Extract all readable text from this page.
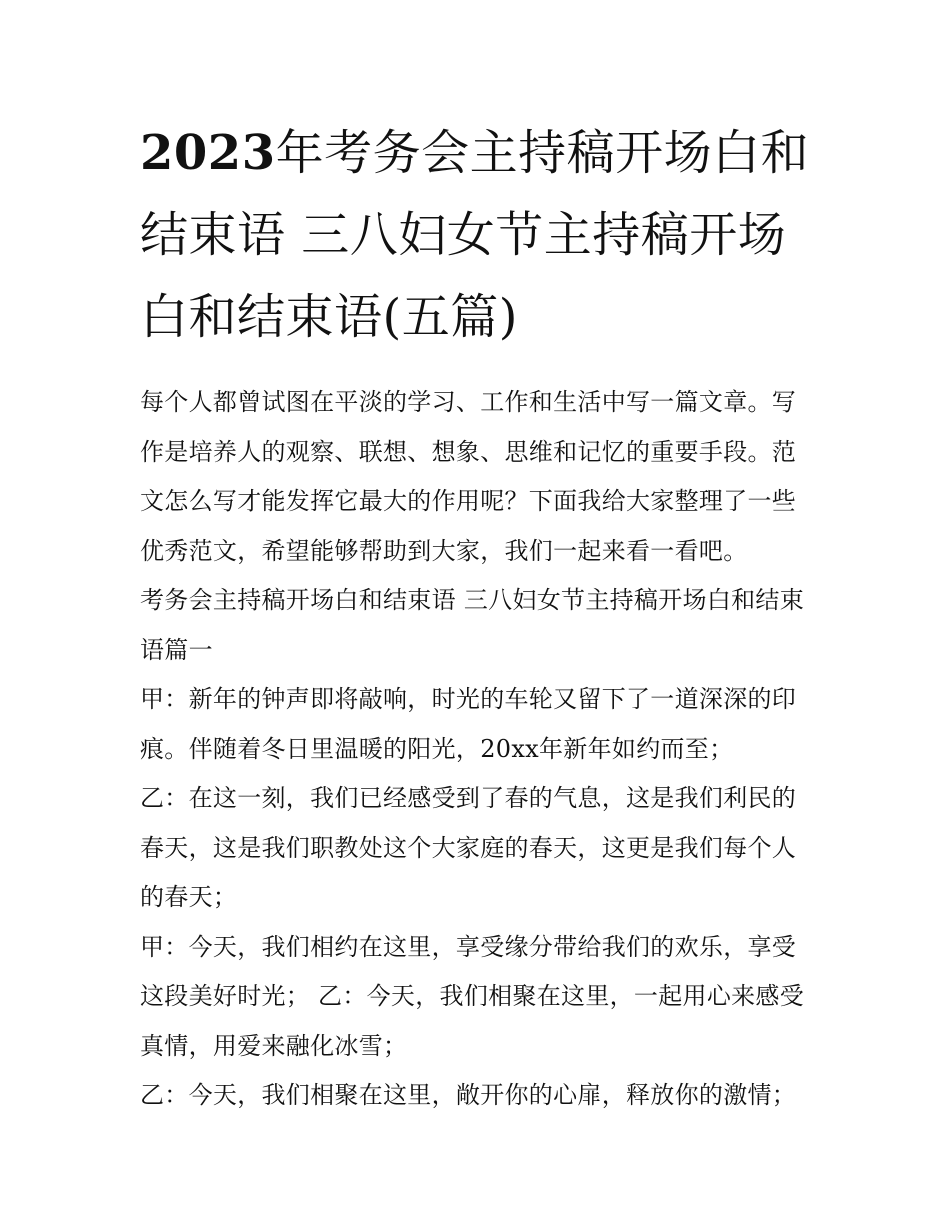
2023年考务会主持稿开场白和结束语 三八妇女节主持稿开场白和结束语(五篇)

每个人都曾试图在平淡的学习、工作和生活中写一篇文章。写作是培养人的观察、联想、想象、思维和记忆的重要手段。范文怎么写才能发挥它最大的作用呢？下面我给大家整理了一些优秀范文，希望能够帮助到大家，我们一起来看一看吧。

考务会主持稿开场白和结束语 三八妇女节主持稿开场白和结束语篇一

甲：新年的钟声即将敲响，时光的车轮又留下了一道深深的印痕。伴随着冬日里温暖的阳光，20xx年新年如约而至；

乙：在这一刻，我们已经感受到了春的气息，这是我们利民的春天，这是我们职教处这个大家庭的春天，这更是我们每个人的春天；

甲：今天，我们相约在这里，享受缘分带给我们的欢乐，享受这段美好时光； 乙：今天，我们相聚在这里，一起用心来感受真情，用爱来融化冰雪；

乙：今天，我们相聚在这里，敞开你的心扉，释放你的激情；
